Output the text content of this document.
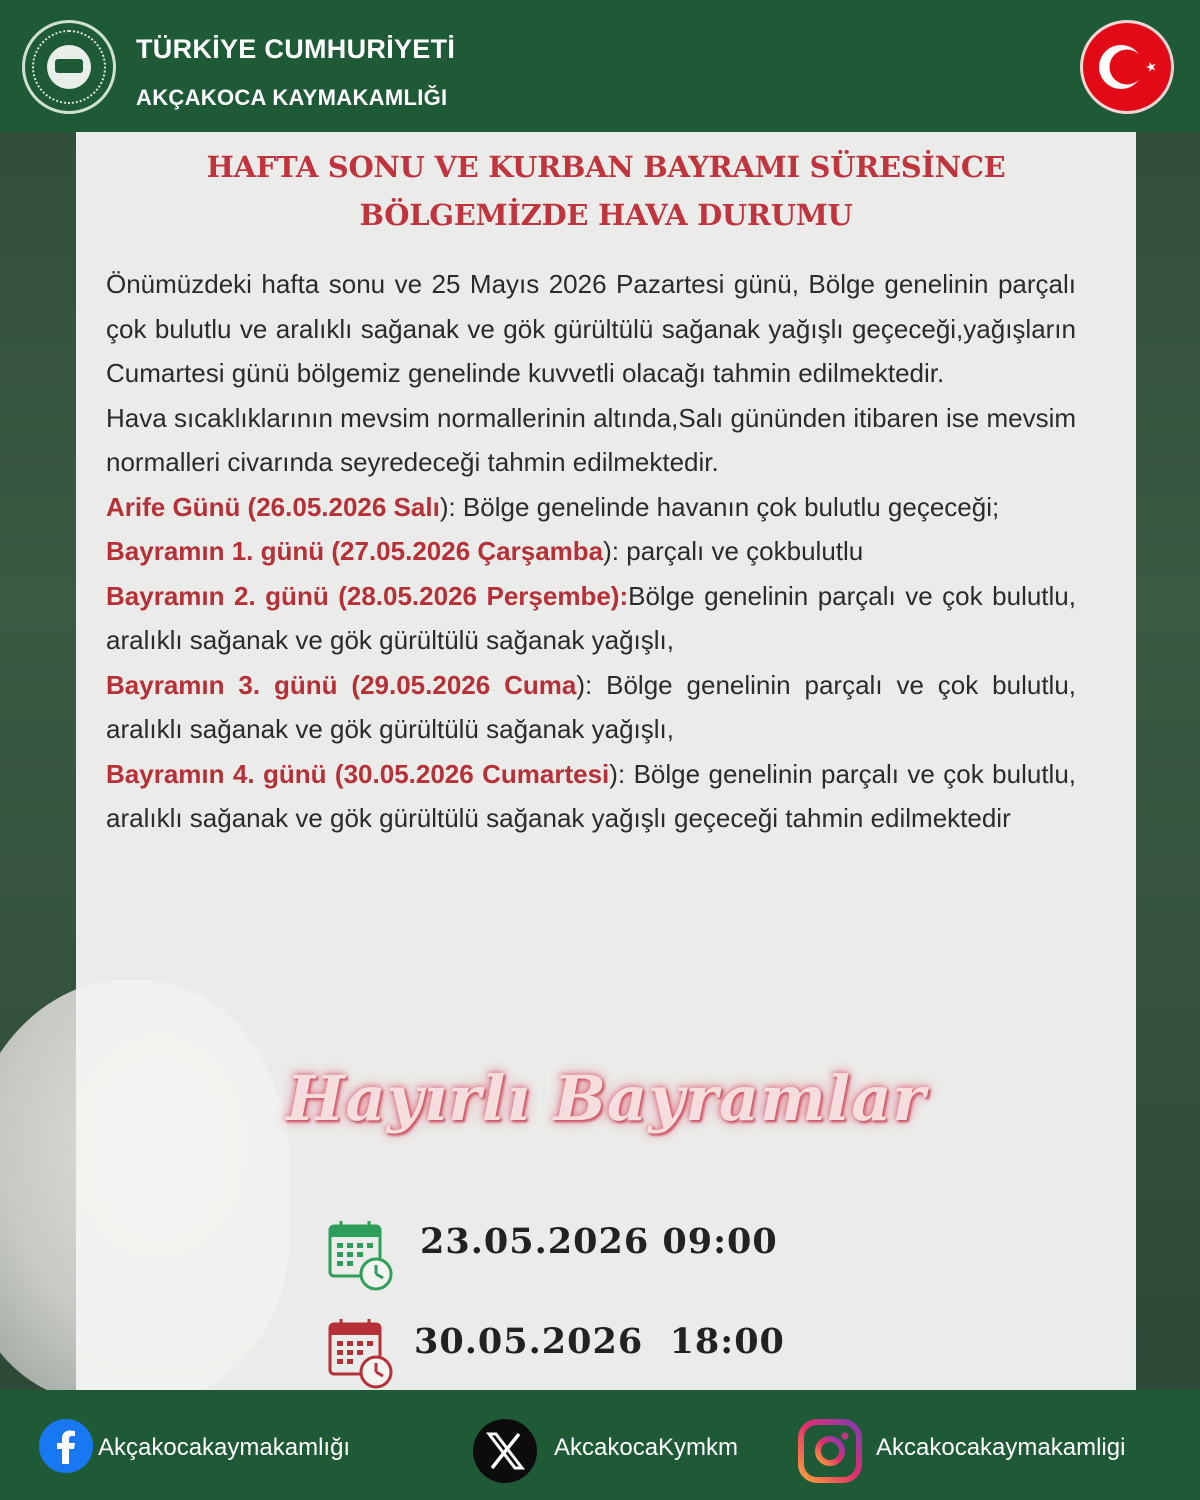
TÜRKİYE CUMHURİYETİ
AKÇAKOCA KAYMAKAMLIĞI
HAFTA SONU VE KURBAN BAYRAMI SÜRESİNCE
BÖLGEMİZDE HAVA DURUMU

Önümüzdeki hafta sonu ve 25 Mayıs 2026 Pazartesi günü, Bölge genelinin parçalı çok bulutlu ve aralıklı sağanak ve gök gürültülü sağanak yağışlı geçeceği,yağışların Cumartesi günü bölgemiz genelinde kuvvetli olacağı tahmin edilmektedir.

Hava sıcaklıklarının mevsim normallerinin altında,Salı gününden itibaren ise mevsim normalleri civarında seyredeceği tahmin edilmektedir.

Arife Günü (26.05.2026 Salı): Bölge genelinde havanın çok bulutlu geçeceği;

Bayramın 1. günü (27.05.2026 Çarşamba): parçalı ve çokbulutlu

Bayramın 2. günü (28.05.2026 Perşembe):Bölge genelinin parçalı ve çok bulutlu, aralıklı sağanak ve gök gürültülü sağanak yağışlı,

Bayramın 3. günü (29.05.2026 Cuma): Bölge genelinin parçalı ve çok bulutlu, aralıklı sağanak ve gök gürültülü sağanak yağışlı,

Bayramın 4. günü (30.05.2026 Cumartesi): Bölge genelinin parçalı ve çok bulutlu, aralıklı sağanak ve gök gürültülü sağanak yağışlı geçeceği tahmin edilmektedir

Hayırlı Bayramlar
23.05.2026 09:00
30.05.2026  18:00
Akçakocakaymakamlığı	AkcakocaKymkm	Akcakocakaymakamligi
